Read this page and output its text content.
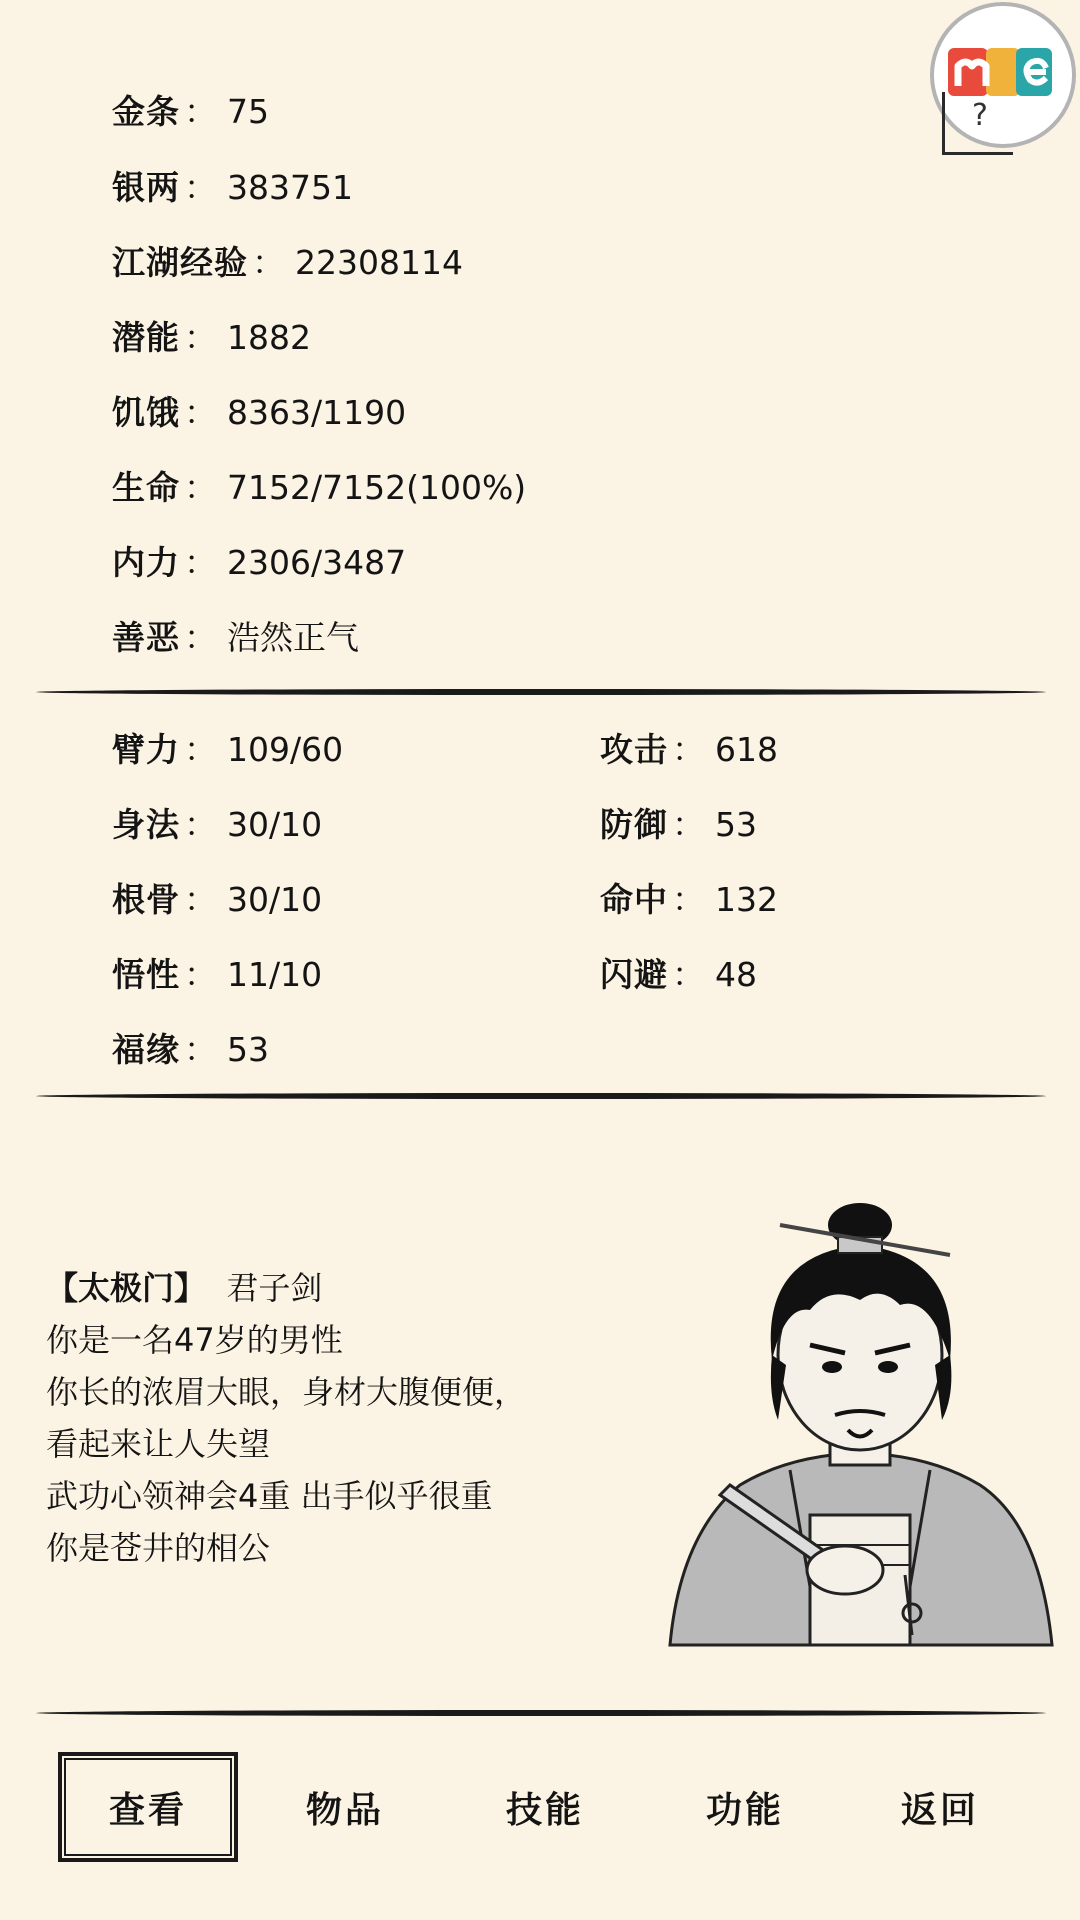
?
金条 ： 75
银两 ： 383751
江湖经验 ： 22308114
潜能 ： 1882
饥饿 ： 8363/1190
生命 ： 7152/7152(100%)
内力 ： 2306/3487
善恶 ： 浩然正气
臂力 ： 109/60
身法 ： 30/10
根骨 ： 30/10
悟性 ： 11/10
福缘 ： 53
攻击 ： 618
防御 ： 53
命中 ： 132
闪避 ： 48
【太极门】 君子剑
你是一名47岁的男性
你长的浓眉大眼，身材大腹便便，
看起来让人失望
武功心领神会4重 出手似乎很重
你是苍井的相公
查看	物品	技能	功能	返回
